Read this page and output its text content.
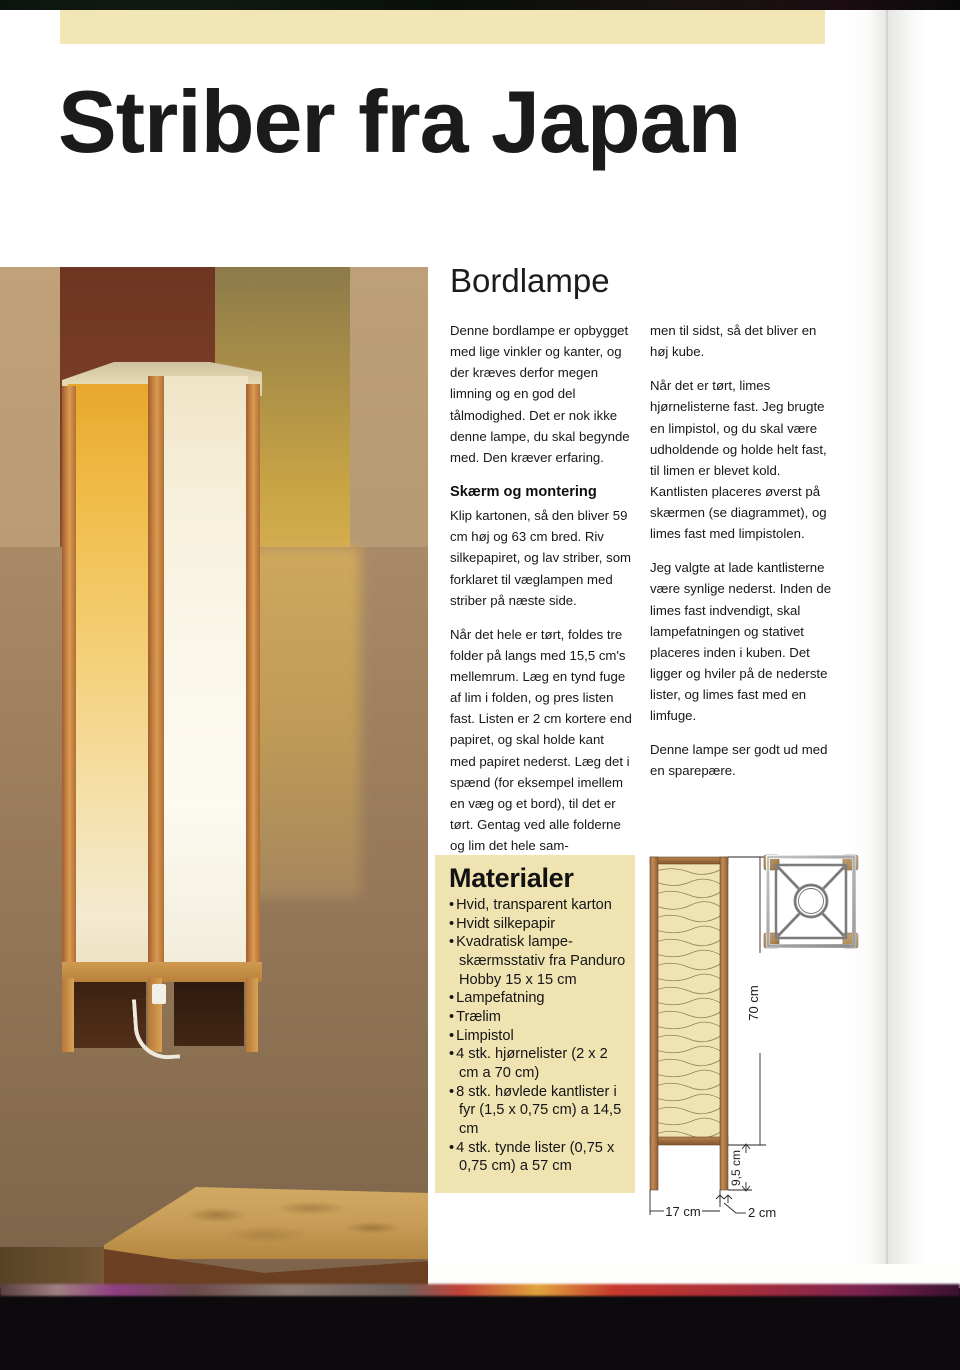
Striber fra Japan
Bordlampe

Denne bordlampe er opbygget med lige vinkler og kanter, og der kræves derfor megen limning og en god del tålmodighed. Det er nok ikke denne lampe, du skal begynde med. Den kræver erfaring.

Skærm og montering

Klip kartonen, så den bliver 59 cm høj og 63 cm bred. Riv silkepapiret, og lav striber, som forklaret til væglampen med striber på næste side.

Når det hele er tørt, foldes tre folder på langs med 15,5 cm's mellemrum. Læg en tynd fuge af lim i folden, og pres listen fast. Listen er 2 cm kortere end papiret, og skal holde kant med papiret nederst. Læg det i spænd (for eksempel imellem en væg og et bord), til det er tørt. Gentag ved alle folderne og lim det hele sam-

men til sidst, så det bliver en høj kube.

Når det er tørt, limes hjørnelisterne fast. Jeg brugte en limpistol, og du skal være udholdende og holde helt fast, til limen er blevet kold. Kantlisten placeres øverst på skærmen (se diagrammet), og limes fast med limpistolen.

Jeg valgte at lade kantlisterne være synlige nederst. Inden de limes fast indvendigt, skal lampefatningen og stativet placeres inden i kuben. Det ligger og hviler på de nederste lister, og limes fast med en limfuge.

Denne lampe ser godt ud med en sparepære.

Materialer
• Hvid, transparent karton
• Hvidt silkepapir
• Kvadratisk lampe-skærmsstativ fra Panduro Hobby 15 x 15 cm
• Lampefatning
• Trælim
• Limpistol
• 4 stk. hjørnelister (2 x 2 cm a 70 cm)
• 8 stk. høvlede kantlister i fyr (1,5 x 0,75 cm) a 14,5 cm
• 4 stk. tynde lister (0,75 x 0,75 cm) a 57 cm
70 cm
9,5 cm
17 cm	2 cm
